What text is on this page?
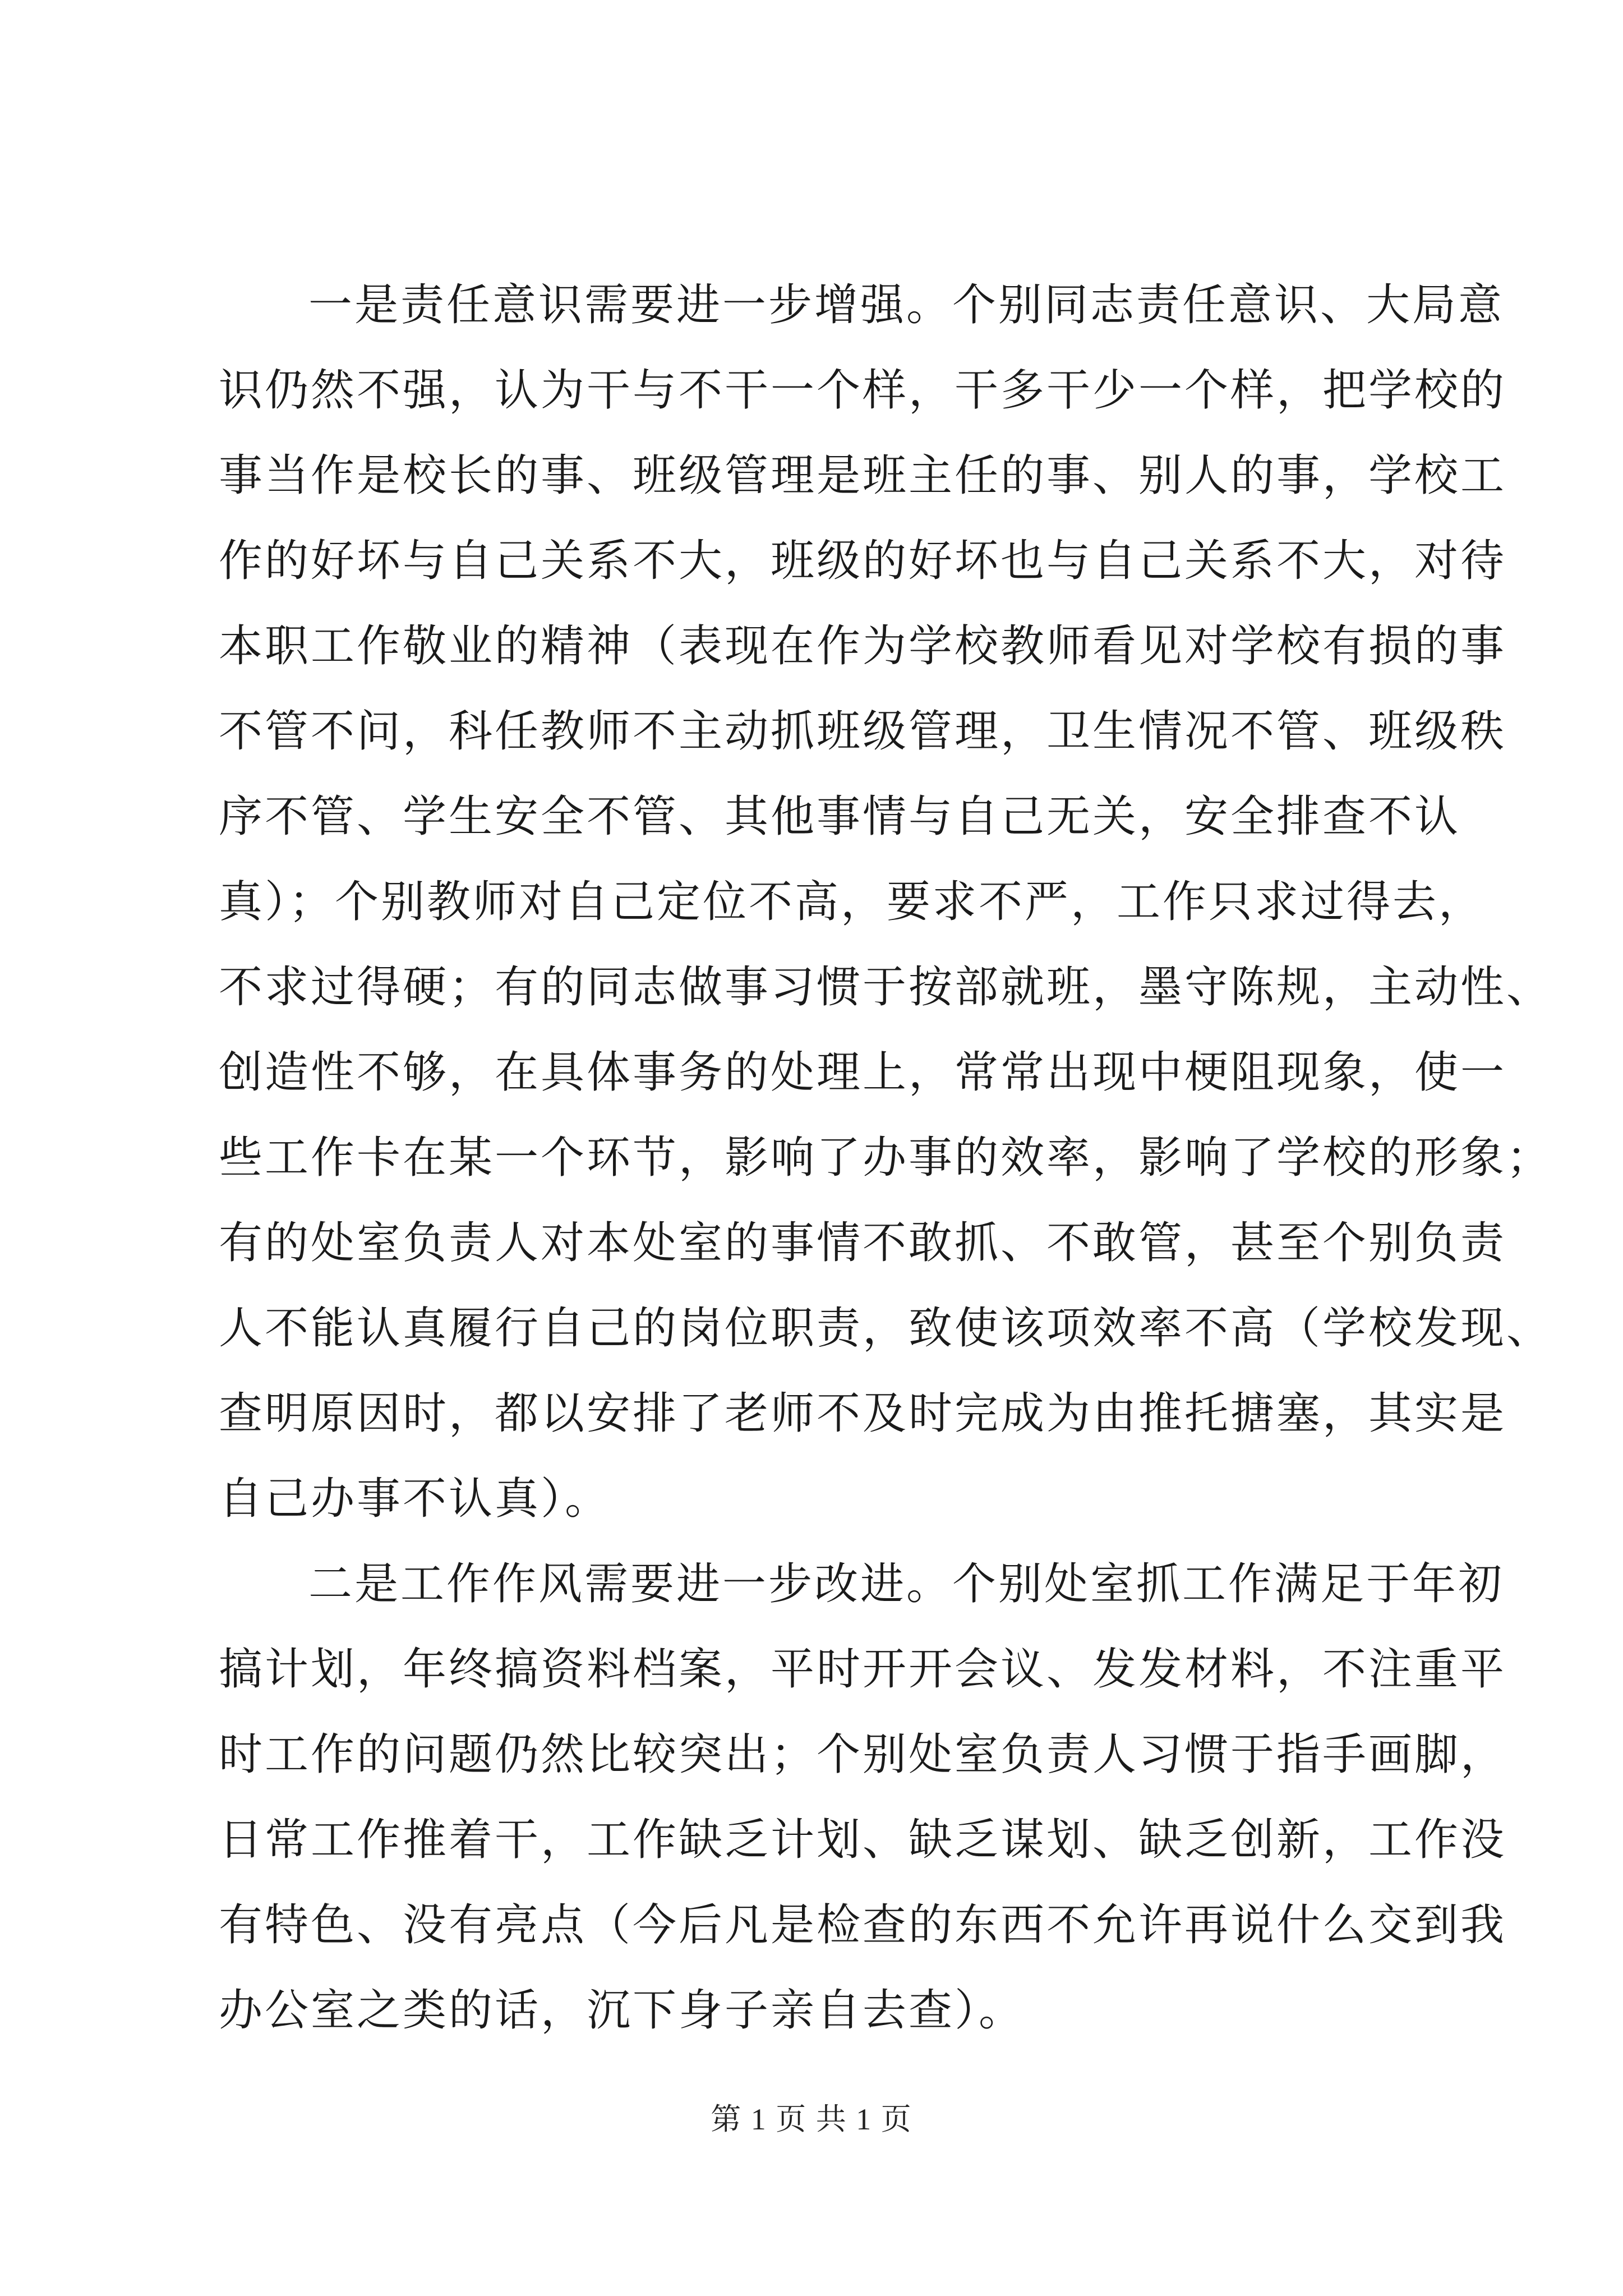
一是责任意识需要进一步增强。个别同志责任意识、大局意
识仍然不强，认为干与不干一个样，干多干少一个样，把学校的
事当作是校长的事、班级管理是班主任的事、别人的事，学校工
作的好坏与自己关系不大，班级的好坏也与自己关系不大，对待
本职工作敬业的精神（表现在作为学校教师看见对学校有损的事
不管不问，科任教师不主动抓班级管理，卫生情况不管、班级秩
序不管、学生安全不管、其他事情与自己无关，安全排查不认
真）；个别教师对自己定位不高，要求不严，工作只求过得去，
不求过得硬；有的同志做事习惯于按部就班，墨守陈规，主动性、
创造性不够，在具体事务的处理上，常常出现中梗阻现象，使一
些工作卡在某一个环节，影响了办事的效率，影响了学校的形象；
有的处室负责人对本处室的事情不敢抓、不敢管，甚至个别负责
人不能认真履行自己的岗位职责，致使该项效率不高（学校发现、
查明原因时，都以安排了老师不及时完成为由推托搪塞，其实是
自己办事不认真）。
二是工作作风需要进一步改进。个别处室抓工作满足于年初
搞计划，年终搞资料档案，平时开开会议、发发材料，不注重平
时工作的问题仍然比较突出；个别处室负责人习惯于指手画脚，
日常工作推着干，工作缺乏计划、缺乏谋划、缺乏创新，工作没
有特色、没有亮点（今后凡是检查的东西不允许再说什么交到我
办公室之类的话，沉下身子亲自去查）。
第 1 页 共 1 页
